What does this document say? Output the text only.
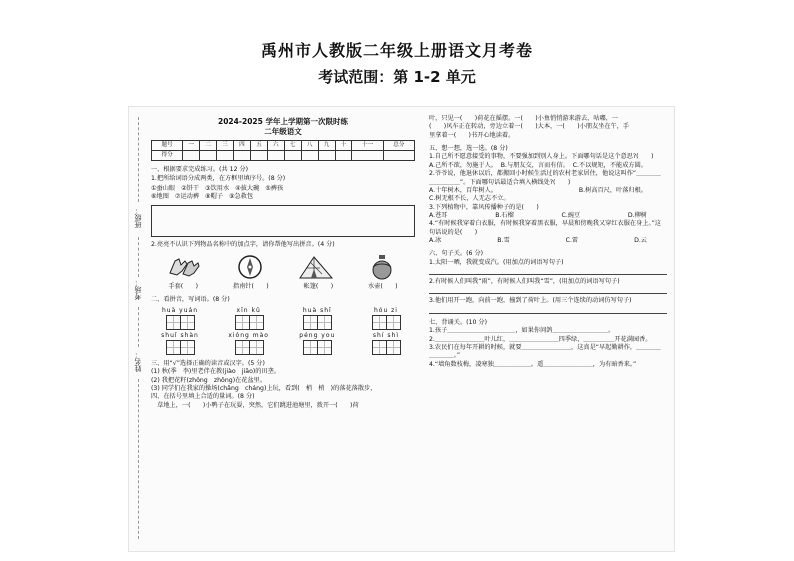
禹州市人教版二年级上册语文月考卷
考试范围：第 1-2 单元
班级：
考场：
姓名：
2024-2025 学年上学期第一次限时练
二年级语文
题号	一	二	三	四	五	六	七	八	九	十	十一	总分
得分												
一、根据要求完成练习。(共 12 分)
1.把所给词语分成两类，在方框里填序号。(8 分)
①蚕山眼 ②饼干 ③饮用水 ④拔大碗 ⑤裤孩
⑥地图 ⑦运动裤 ⑧帽子 ⑨急救包
2.亮亮不认识下列物品名称中的加点字，请你帮他写出拼音。(4 分)
手套(　　)	指南针(　　)	帐篷(　　)	水壶(　　)
二、看拼音，写词语。(8 分)
huà yuán	xīn kǔ	huà shī	hóu zi
shuǐ shàn	xióng mào	péng you	shí shì
三、用“√”选择正确的读音或汉字。(5 分)
(1) 秋(季　李)里老伴在教(jiào　jiāo)的田垄。
(2) 我把花籽(zhǒng　zhōng)在花盆里。
(3) 同学们在我家的操场(chǎng　cháng)上玩，看到(　梢　梢　)的落花落散步，
四、在括号里填上合适的量词。(8 分)
　草地上，一(　　)小鸭子在玩耍，突然，它们跳进池塘里，拨开一(　　)荷
叶，只见一(　　)荷花在摇摆。一(　　)小鱼悄悄游来游去，咕嘟，一
(　　)风车正在转动，旁边立着一(　　)大本，一(　　)小朋友坐在午，手
里拿着一(　　)书开心地读着。
五、想一想，选一选。(8 分)
1.自己所不愿意接受的事物，不要强加到别人身上。下面哪句话是这个意思?(　　)
A.己所不欲，勿施于人。 B.与朋友交，言而有信。 C.不以规矩，不能成方圆。
2.爷爷说，他退休以后，都搬回小时候生活过的农村老家居住，他说这叫作“＿＿＿＿＿＿＿＿＿”。下面哪句话最适合填入横线处?(　　)
A.十年树木，百年树人。	B.树高百尺，叶落归根。
C.树无根不长，人无志不立。
3.下列植物中，靠风传播种子的是(　　)
A.苍耳	B.石榴	C.豌豆	D.柳树
4.“有时候我穿着白衣服，有时候我穿着黑衣服，早晨和傍晚我又穿红衣服在身上。”这句话说的是(　　)
A.冰	B.雪	C.雷	D.云
六、句子关。(6 分)
1.太阳一晒，我就变成汽。(用加点的词语写句子)
2.有时候人们叫我“雨”，有时候人们叫我“雪”，(用加点的词语写句子)
3.他们用开一跑，向前一跑，撞到了荷叶上。(用三个连续的动词仿写句子)
七、背诵关。(10 分)
1.孩子＿＿＿＿＿＿＿＿＿＿＿，如果你问鸽＿＿＿＿＿＿＿＿＿。
2.＿＿＿＿＿＿＿＿叶儿红，＿＿＿＿＿＿＿＿四季绿，＿＿＿＿＿开花满园香。
3.农民们在每年开耕的时候，就要＿＿＿＿＿＿＿＿，这真是“早起勤耕作，＿＿＿＿＿＿＿＿。”
4.“墙角数枝梅，凌寒独＿＿＿＿＿＿。遥＿＿＿＿＿＿＿＿，为有暗香来。”
